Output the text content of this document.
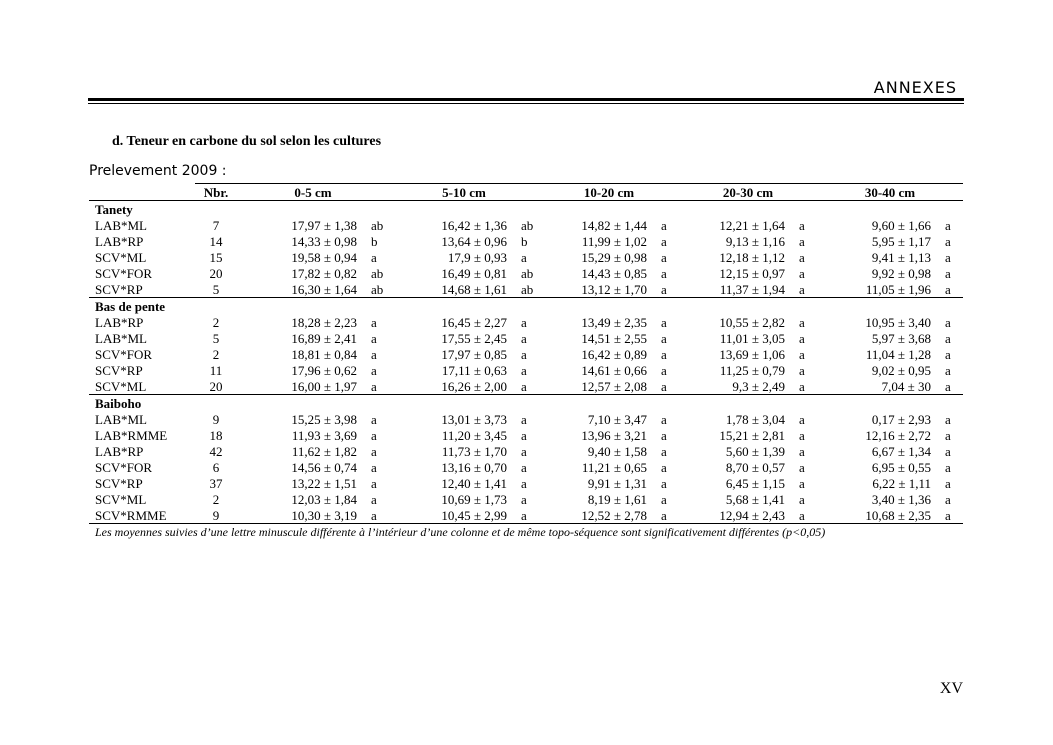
ANNEXES
d. Teneur en carbone du sol selon les cultures
Prelevement 2009 :
	Nbr.	0-5 cm		5-10 cm		10-20 cm		20-30 cm		30-40 cm	
Tanety											
LAB*ML	7	17,97 ± 1,38	ab	16,42 ± 1,36	ab	14,82 ± 1,44	a	12,21 ± 1,64	a	9,60 ± 1,66	a
LAB*RP	14	14,33 ± 0,98	b	13,64 ± 0,96	b	11,99 ± 1,02	a	9,13 ± 1,16	a	5,95 ± 1,17	a
SCV*ML	15	19,58 ± 0,94	a	17,9 ± 0,93	a	15,29 ± 0,98	a	12,18 ± 1,12	a	9,41 ± 1,13	a
SCV*FOR	20	17,82 ± 0,82	ab	16,49 ± 0,81	ab	14,43 ± 0,85	a	12,15 ± 0,97	a	9,92 ± 0,98	a
SCV*RP	5	16,30 ± 1,64	ab	14,68 ± 1,61	ab	13,12 ± 1,70	a	11,37 ± 1,94	a	11,05 ± 1,96	a
Bas de pente											
LAB*RP	2	18,28 ± 2,23	a	16,45 ± 2,27	a	13,49 ± 2,35	a	10,55 ± 2,82	a	10,95 ± 3,40	a
LAB*ML	5	16,89 ± 2,41	a	17,55 ± 2,45	a	14,51 ± 2,55	a	11,01 ± 3,05	a	5,97 ± 3,68	a
SCV*FOR	2	18,81 ± 0,84	a	17,97 ± 0,85	a	16,42 ± 0,89	a	13,69 ± 1,06	a	11,04 ± 1,28	a
SCV*RP	11	17,96 ± 0,62	a	17,11 ± 0,63	a	14,61 ± 0,66	a	11,25 ± 0,79	a	9,02 ± 0,95	a
SCV*ML	20	16,00 ± 1,97	a	16,26 ± 2,00	a	12,57 ± 2,08	a	9,3 ± 2,49	a	7,04 ± 30	a
Baiboho											
LAB*ML	9	15,25 ± 3,98	a	13,01 ± 3,73	a	7,10 ± 3,47	a	1,78 ± 3,04	a	0,17 ± 2,93	a
LAB*RMME	18	11,93 ± 3,69	a	11,20 ± 3,45	a	13,96 ± 3,21	a	15,21 ± 2,81	a	12,16 ± 2,72	a
LAB*RP	42	11,62 ± 1,82	a	11,73 ± 1,70	a	9,40 ± 1,58	a	5,60 ± 1,39	a	6,67 ± 1,34	a
SCV*FOR	6	14,56 ± 0,74	a	13,16 ± 0,70	a	11,21 ± 0,65	a	8,70 ± 0,57	a	6,95 ± 0,55	a
SCV*RP	37	13,22 ± 1,51	a	12,40 ± 1,41	a	9,91 ± 1,31	a	6,45 ± 1,15	a	6,22 ± 1,11	a
SCV*ML	2	12,03 ± 1,84	a	10,69 ± 1,73	a	8,19 ± 1,61	a	5,68 ± 1,41	a	3,40 ± 1,36	a
SCV*RMME	9	10,30 ± 3,19	a	10,45 ± 2,99	a	12,52 ± 2,78	a	12,94 ± 2,43	a	10,68 ± 2,35	a
Les moyennes suivies d’une lettre minuscule différente à l’intérieur d’une colonne et de même topo-séquence sont significativement différentes (p<0,05)											
XV
